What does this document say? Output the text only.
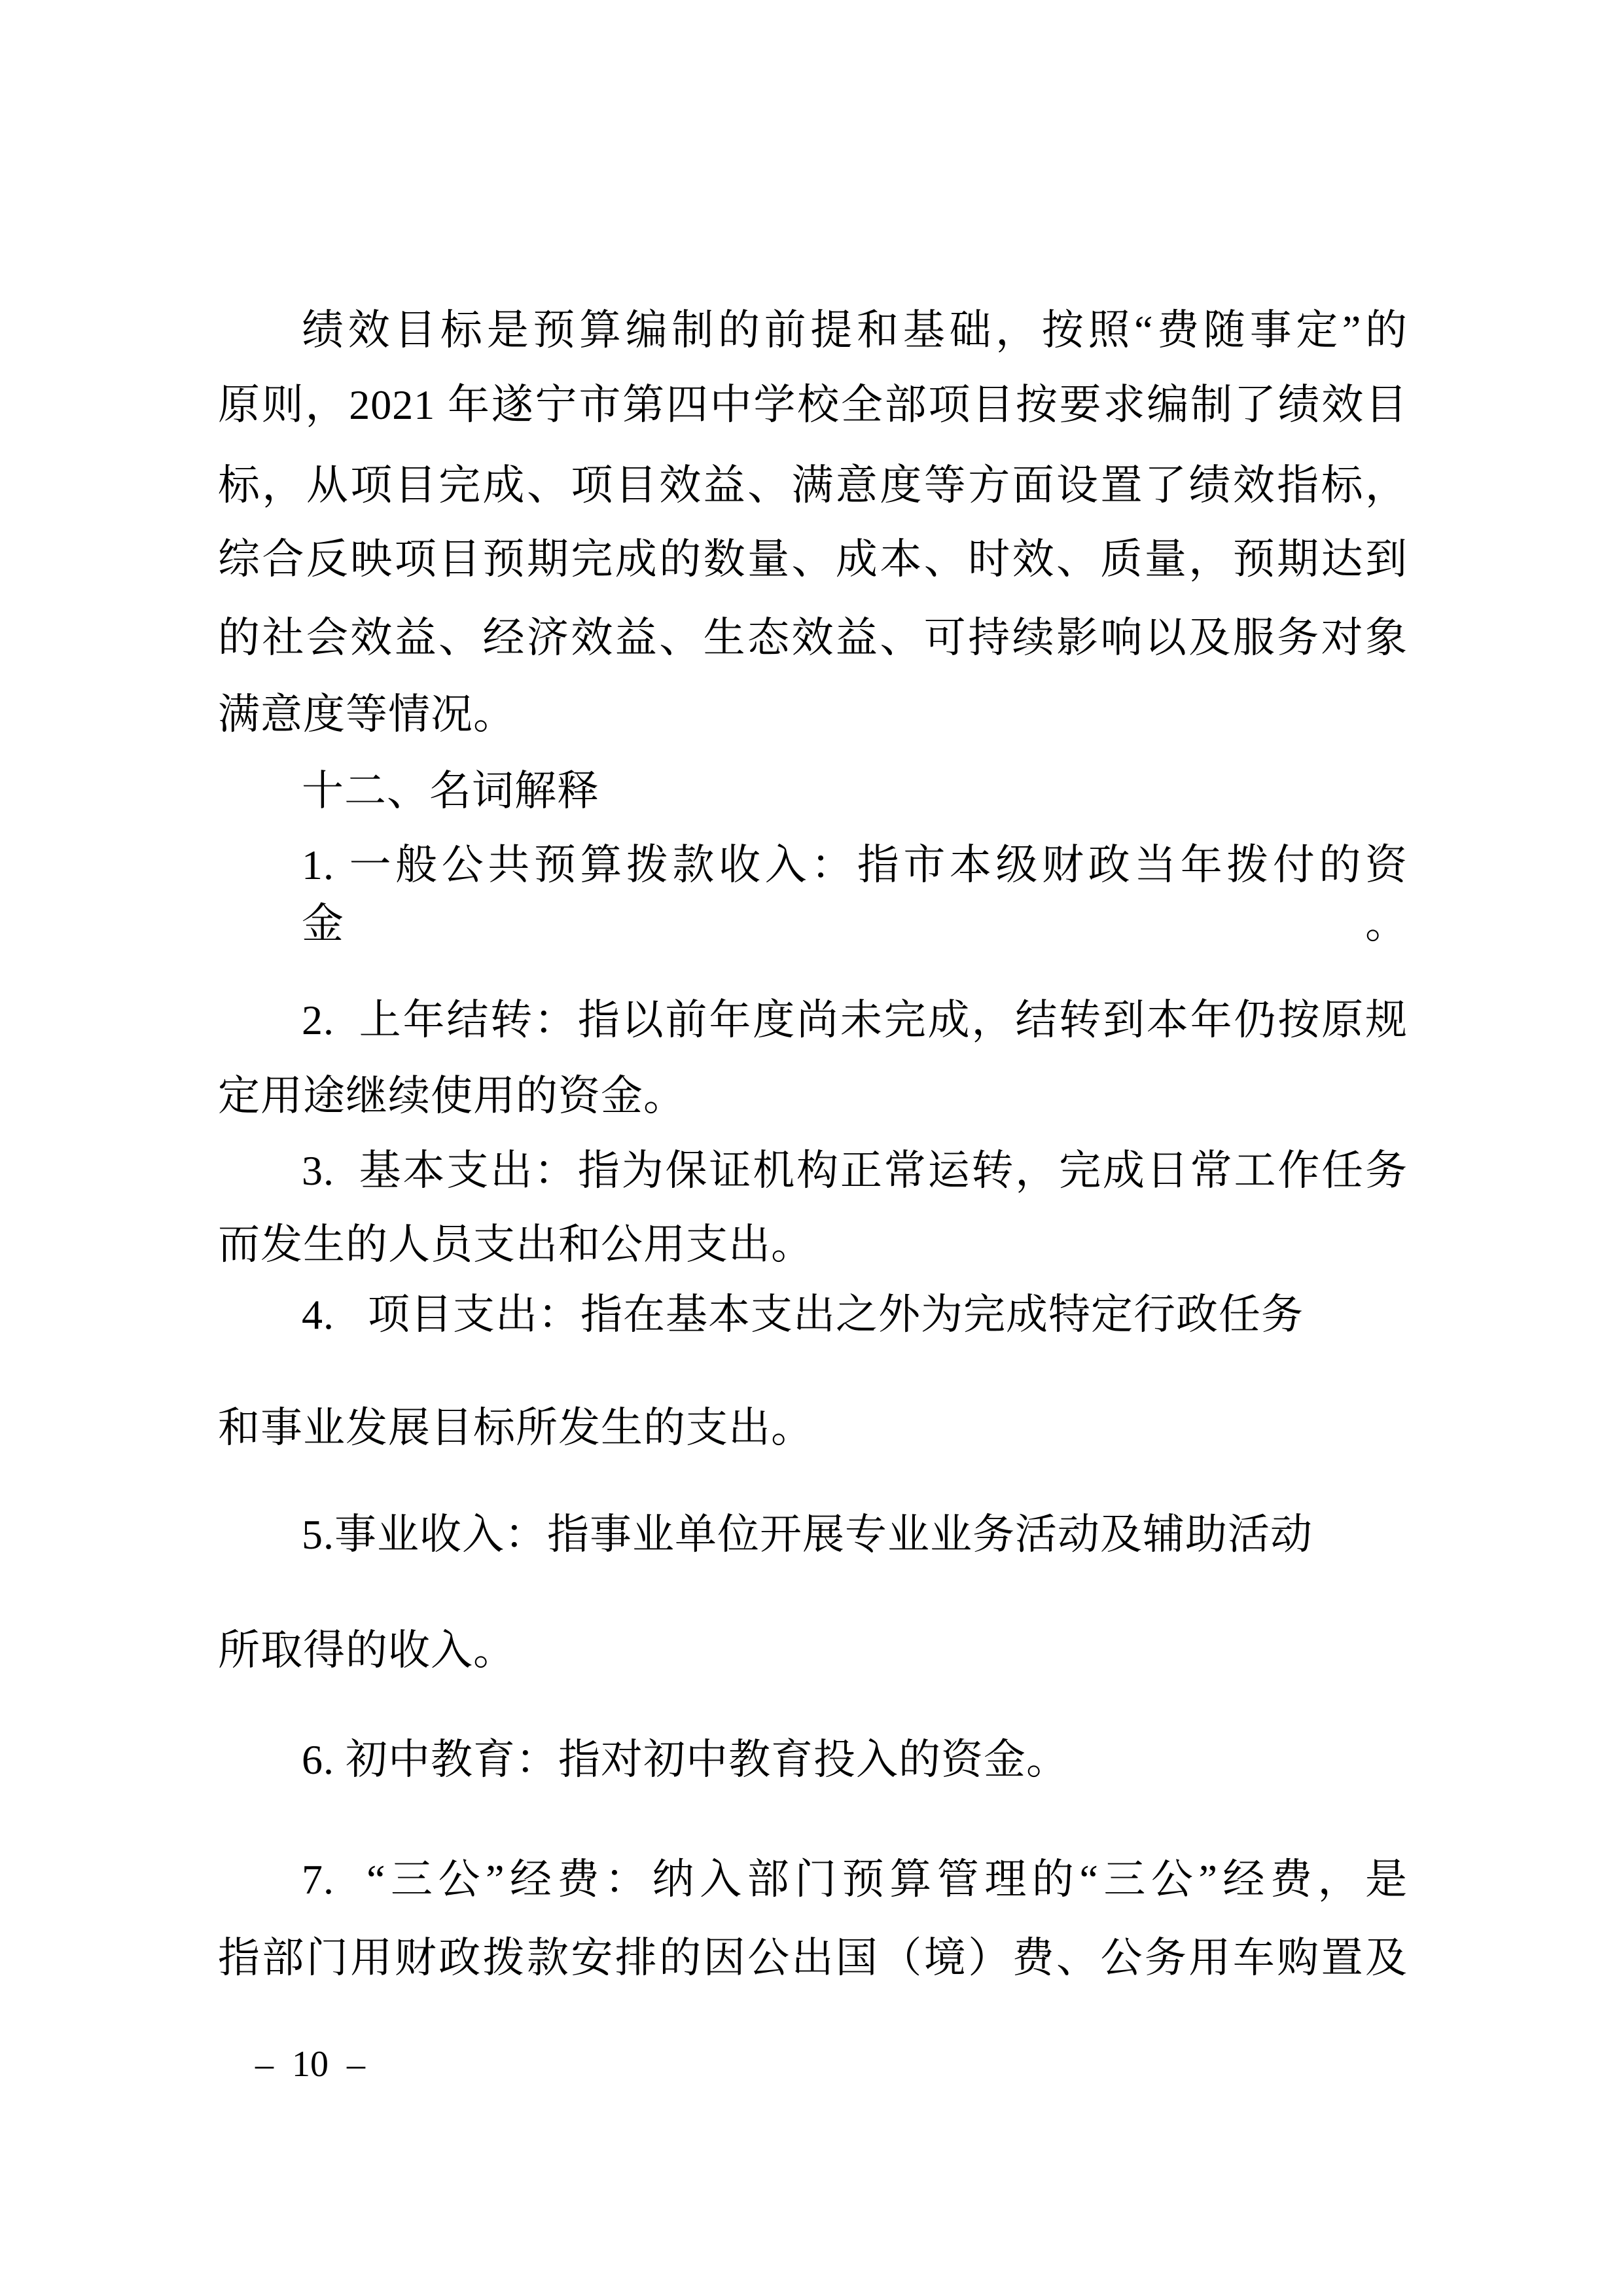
绩效目标是预算编制的前提和基础，按照“费随事定”的
原则，2021 年遂宁市第四中学校全部项目按要求编制了绩效目
标，从项目完成、项目效益、满意度等方面设置了绩效指标，
综合反映项目预期完成的数量、成本、时效、质量，预期达到
的社会效益、经济效益、生态效益、可持续影响以及服务对象
满意度等情况。
十二、名词解释
1. 一般公共预算拨款收入：指市本级财政当年拨付的资金。
2.  上年结转：指以前年度尚未完成，结转到本年仍按原规
定用途继续使用的资金。
3.  基本支出：指为保证机构正常运转，完成日常工作任务
而发生的人员支出和公用支出。
4.   项目支出：指在基本支出之外为完成特定行政任务
和事业发展目标所发生的支出。
5.事业收入：指事业单位开展专业业务活动及辅助活动
所取得的收入。
6. 初中教育：指对初中教育投入的资金。
7.  “三公”经费：纳入部门预算管理的“三公”经费，是
指部门用财政拨款安排的因公出国（境）费、公务用车购置及
–  10  –
